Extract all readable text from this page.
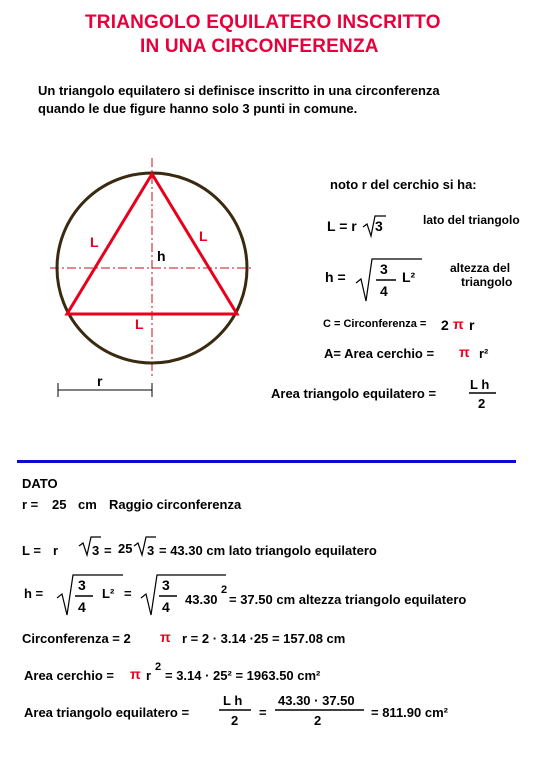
TRIANGOLO EQUILATERO INSCRITTO
IN UNA CIRCONFERENZA
Un triangolo equilatero si definisce inscritto in una circonferenza
quando le due figure hanno solo 3 punti in comune.
L	L
L
h
r
noto r del cerchio si ha:
L = r 3	lato del triangolo
h = 3
4
L²
altezza del
triangolo
C = Circonferenza = 2 π r
A= Area cerchio = π r²
Area triangolo equilatero =
L h
2
DATO
r = 25 cm Raggio circonferenza
L = r	3 = 25 3 = 43.30 cm lato triangolo equilatero
h =
3
4
L² =
3
4 43.30
2
= 37.50 cm altezza triangolo equilatero
Circonferenza = 2 π r = 2 · 3.14 ·25 = 157.08 cm
Area cerchio = π r
2
= 3.14 · 25² = 1963.50 cm²
Area triangolo equilatero =
L h
2
=
43.30 · 37.50
2
= 811.90 cm²
